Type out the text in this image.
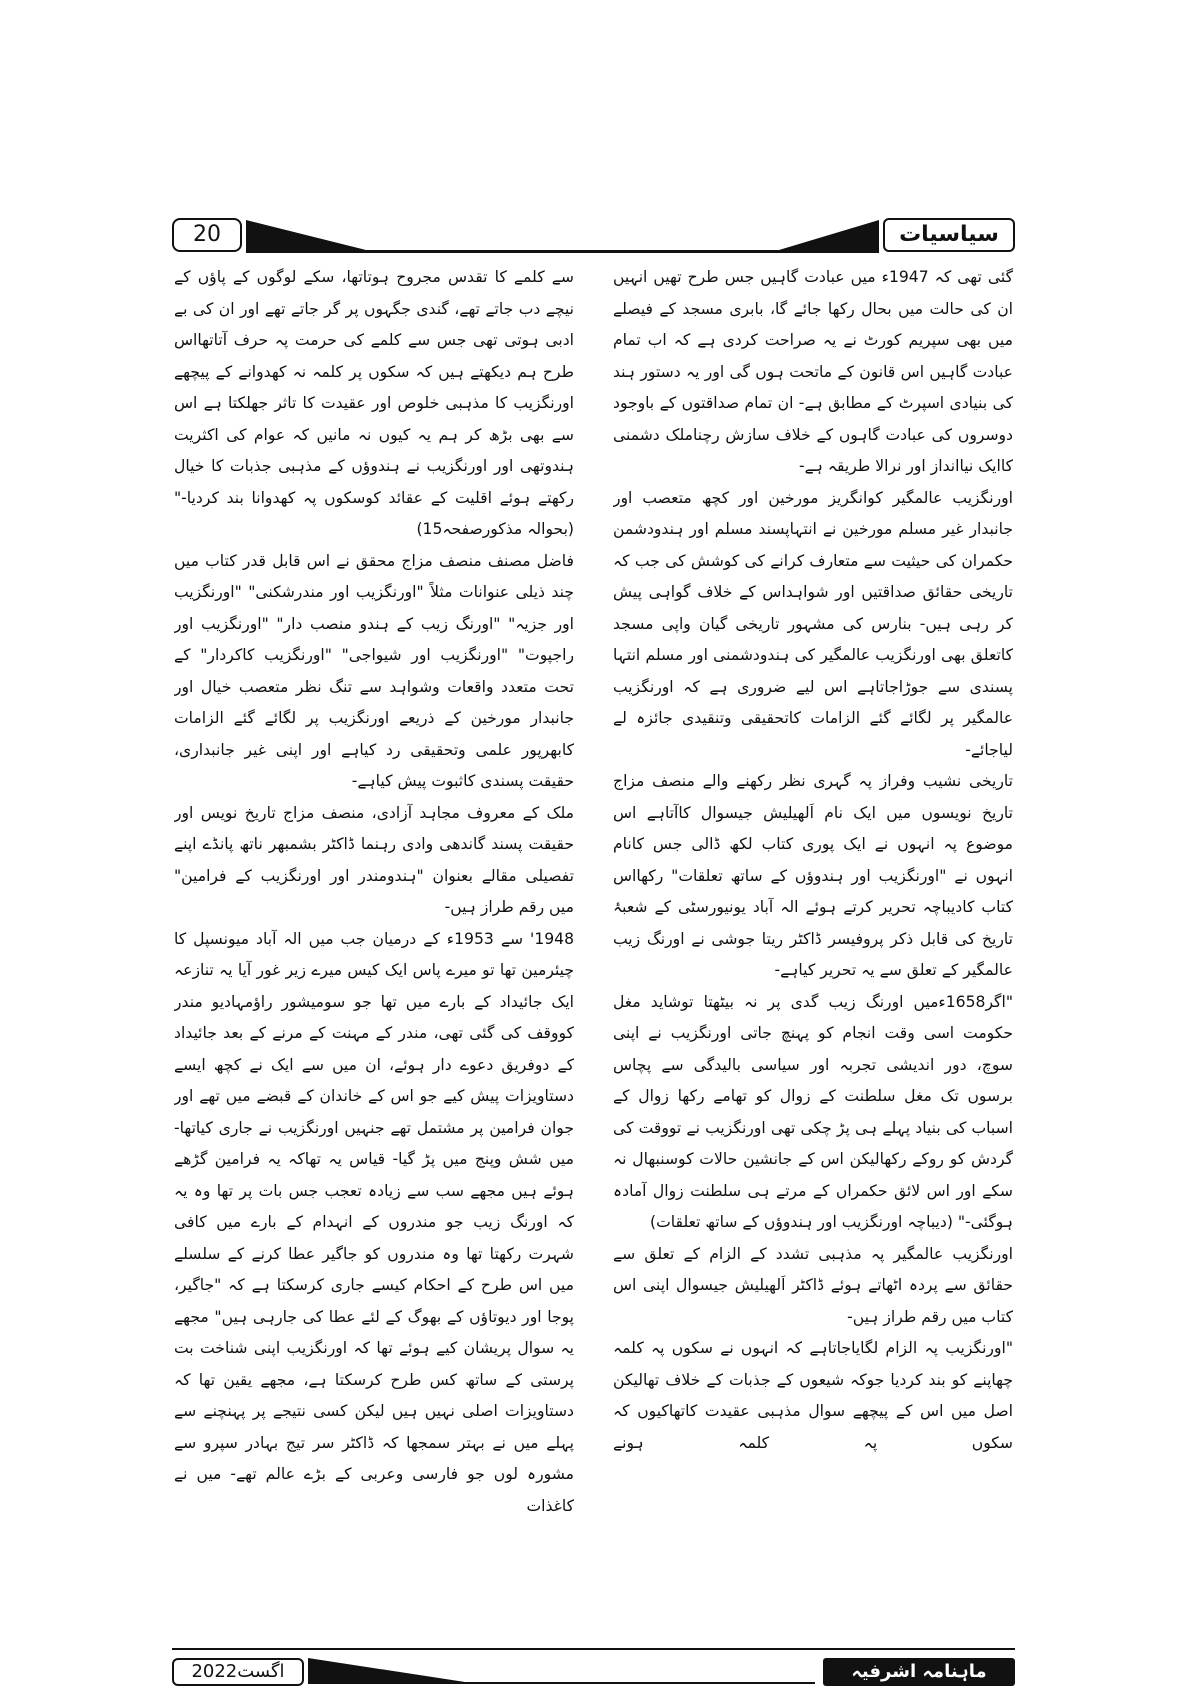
20	سیاسیات

گئی تھی کہ 1947ء میں عبادت گاہیں جس طرح تھیں انہیں ان کی حالت میں بحال رکھا جائے گا، بابری مسجد کے فیصلے میں بھی سپریم کورٹ نے یہ صراحت کردی ہے کہ اب تمام عبادت گاہیں اس قانون کے ماتحت ہوں گی اور یہ دستور ہند کی بنیادی اسپرٹ کے مطابق ہے- ان تمام صداقتوں کے باوجود دوسروں کی عبادت گاہوں کے خلاف سازش رچناملک دشمنی کاایک نیاانداز اور نرالا طریقہ ہے-

اورنگزیب عالمگیر کوانگریز مورخین اور کچھ متعصب اور جانبدار غیر مسلم مورخین نے انتہاپسند مسلم اور ہندودشمن حکمران کی حیثیت سے متعارف کرانے کی کوشش کی جب کہ تاریخی حقائق صداقتیں اور شواہداس کے خلاف گواہی پیش کر رہی ہیں- بنارس کی مشہور تاریخی گیان واپی مسجد کاتعلق بھی اورنگزیب عالمگیر کی ہندودشمنی اور مسلم انتہا پسندی سے جوڑاجاتاہے اس لیے ضروری ہے کہ اورنگزیب عالمگیر پر لگائے گئے الزامات کاتحقیقی وتنقیدی جائزہ لے لیاجائے-

تاریخی نشیب وفراز پہ گہری نظر رکھنے والے منصف مزاج تاریخ نویسوں میں ایک نام اَلھیلیش جیسوال کاآتاہے اس موضوع پہ انہوں نے ایک پوری کتاب لکھ ڈالی جس کانام انہوں نے "اورنگزیب اور ہندوؤں کے ساتھ تعلقات" رکھااس کتاب کادیباچہ تحریر کرتے ہوئے الہ آباد یونیورسٹی کے شعبۂ تاریخ کی قابل ذکر پروفیسر ڈاکٹر ریتا جوشی نے اورنگ زیب عالمگیر کے تعلق سے یہ تحریر کیاہے-

"اگر1658ءمیں اورنگ زیب گدی پر نہ بیٹھتا توشاید مغل حکومت اسی وقت انجام کو پہنچ جاتی اورنگزیب نے اپنی سوچ، دور اندیشی تجربہ اور سیاسی بالیدگی سے پچاس برسوں تک مغل سلطنت کے زوال کو تھامے رکھا زوال کے اسباب کی بنیاد پہلے ہی پڑ چکی تھی اورنگزیب نے تووقت کی گردش کو روکے رکھالیکن اس کے جانشین حالات کوسنبھال نہ سکے اور اس لائق حکمراں کے مرتے ہی سلطنت زوال آمادہ ہوگئی-" (دیباچہ اورنگزیب اور ہندوؤں کے ساتھ تعلقات)

اورنگزیب عالمگیر پہ مذہبی تشدد کے الزام کے تعلق سے حقائق سے پردہ اٹھاتے ہوئے ڈاکٹر اَلھیلیش جیسوال اپنی اس کتاب میں رقم طراز ہیں-

"اورنگزیب پہ الزام لگایاجاتاہے کہ انہوں نے سکوں پہ کلمہ چھاپنے کو بند کردیا جوکہ شیعوں کے جذبات کے خلاف تھالیکن اصل میں اس کے پیچھے سوال مذہبی عقیدت کاتھاکیوں کہ سکوں پہ کلمہ ہونے

سے کلمے کا تقدس مجروح ہوتاتھا، سکے لوگوں کے پاؤں کے نیچے دب جاتے تھے، گندی جگہوں پر گر جاتے تھے اور ان کی بے ادبی ہوتی تھی جس سے کلمے کی حرمت پہ حرف آتاتھااس طرح ہم دیکھتے ہیں کہ سکوں پر کلمہ نہ کھدوانے کے پیچھے اورنگزیب کا مذہبی خلوص اور عقیدت کا تاثر جھلکتا ہے اس سے بھی بڑھ کر ہم یہ کیوں نہ مانیں کہ عوام کی اکثریت ہندوتھی اور اورنگزیب نے ہندوؤں کے مذہبی جذبات کا خیال رکھتے ہوئے اقلیت کے عقائد کوسکوں پہ کھدوانا بند کردیا-" (بحوالہ مذکورصفحہ15)

فاضل مصنف منصف مزاج محقق نے اس قابل قدر کتاب میں چند ذیلی عنوانات مثلاً "اورنگزیب اور مندرشکنی" "اورنگزیب اور جزیہ" "اورنگ زیب کے ہندو منصب دار" "اورنگزیب اور راجپوت" "اورنگزیب اور شیواجی" "اورنگزیب کاکردار" کے تحت متعدد واقعات وشواہد سے تنگ نظر متعصب خیال اور جانبدار مورخین کے ذریعے اورنگزیب پر لگائے گئے الزامات کابھرپور علمی وتحقیقی رد کیاہے اور اپنی غیر جانبداری، حقیقت پسندی کاثبوت پیش کیاہے-

ملک کے معروف مجاہد آزادی، منصف مزاج تاریخ نویس اور حقیقت پسند گاندھی وادی رہنما ڈاکٹر بشمبھر ناتھ پانڈے اپنے تفصیلی مقالے بعنوان "ہندومندر اور اورنگزیب کے فرامین" میں رقم طراز ہیں-

1948' سے 1953ء کے درمیان جب میں الہ آباد میونسپل کا چیئرمین تھا تو میرے پاس ایک کیس میرے زیر غور آیا یہ تنازعہ ایک جائیداد کے بارے میں تھا جو سومیشور راؤمہادیو مندر کووقف کی گئی تھی، مندر کے مہنت کے مرنے کے بعد جائیداد کے دوفریق دعوے دار ہوئے، ان میں سے ایک نے کچھ ایسے دستاویزات پیش کیے جو اس کے خاندان کے قبضے میں تھے اور جوان فرامین پر مشتمل تھے جنہیں اورنگزیب نے جاری کیاتھا- میں شش وپنج میں پڑ گیا- قیاس یہ تھاکہ یہ فرامین گڑھے ہوئے ہیں مجھے سب سے زیادہ تعجب جس بات پر تھا وہ یہ کہ اورنگ زیب جو مندروں کے انہدام کے بارے میں کافی شہرت رکھتا تھا وہ مندروں کو جاگیر عطا کرنے کے سلسلے میں اس طرح کے احکام کیسے جاری کرسکتا ہے کہ "جاگیر، پوجا اور دیوتاؤں کے بھوگ کے لئے عطا کی جارہی ہیں" مجھے یہ سوال پریشان کیے ہوئے تھا کہ اورنگزیب اپنی شناخت بت پرستی کے ساتھ کس طرح کرسکتا ہے، مجھے یقین تھا کہ دستاویزات اصلی نہیں ہیں لیکن کسی نتیجے پر پہنچنے سے پہلے میں نے بہتر سمجھا کہ ڈاکٹر سر تیج بہادر سپرو سے مشورہ لوں جو فارسی وعربی کے بڑے عالم تھے- میں نے کاغذات

اگست2022	ماہنامہ اشرفیہ
